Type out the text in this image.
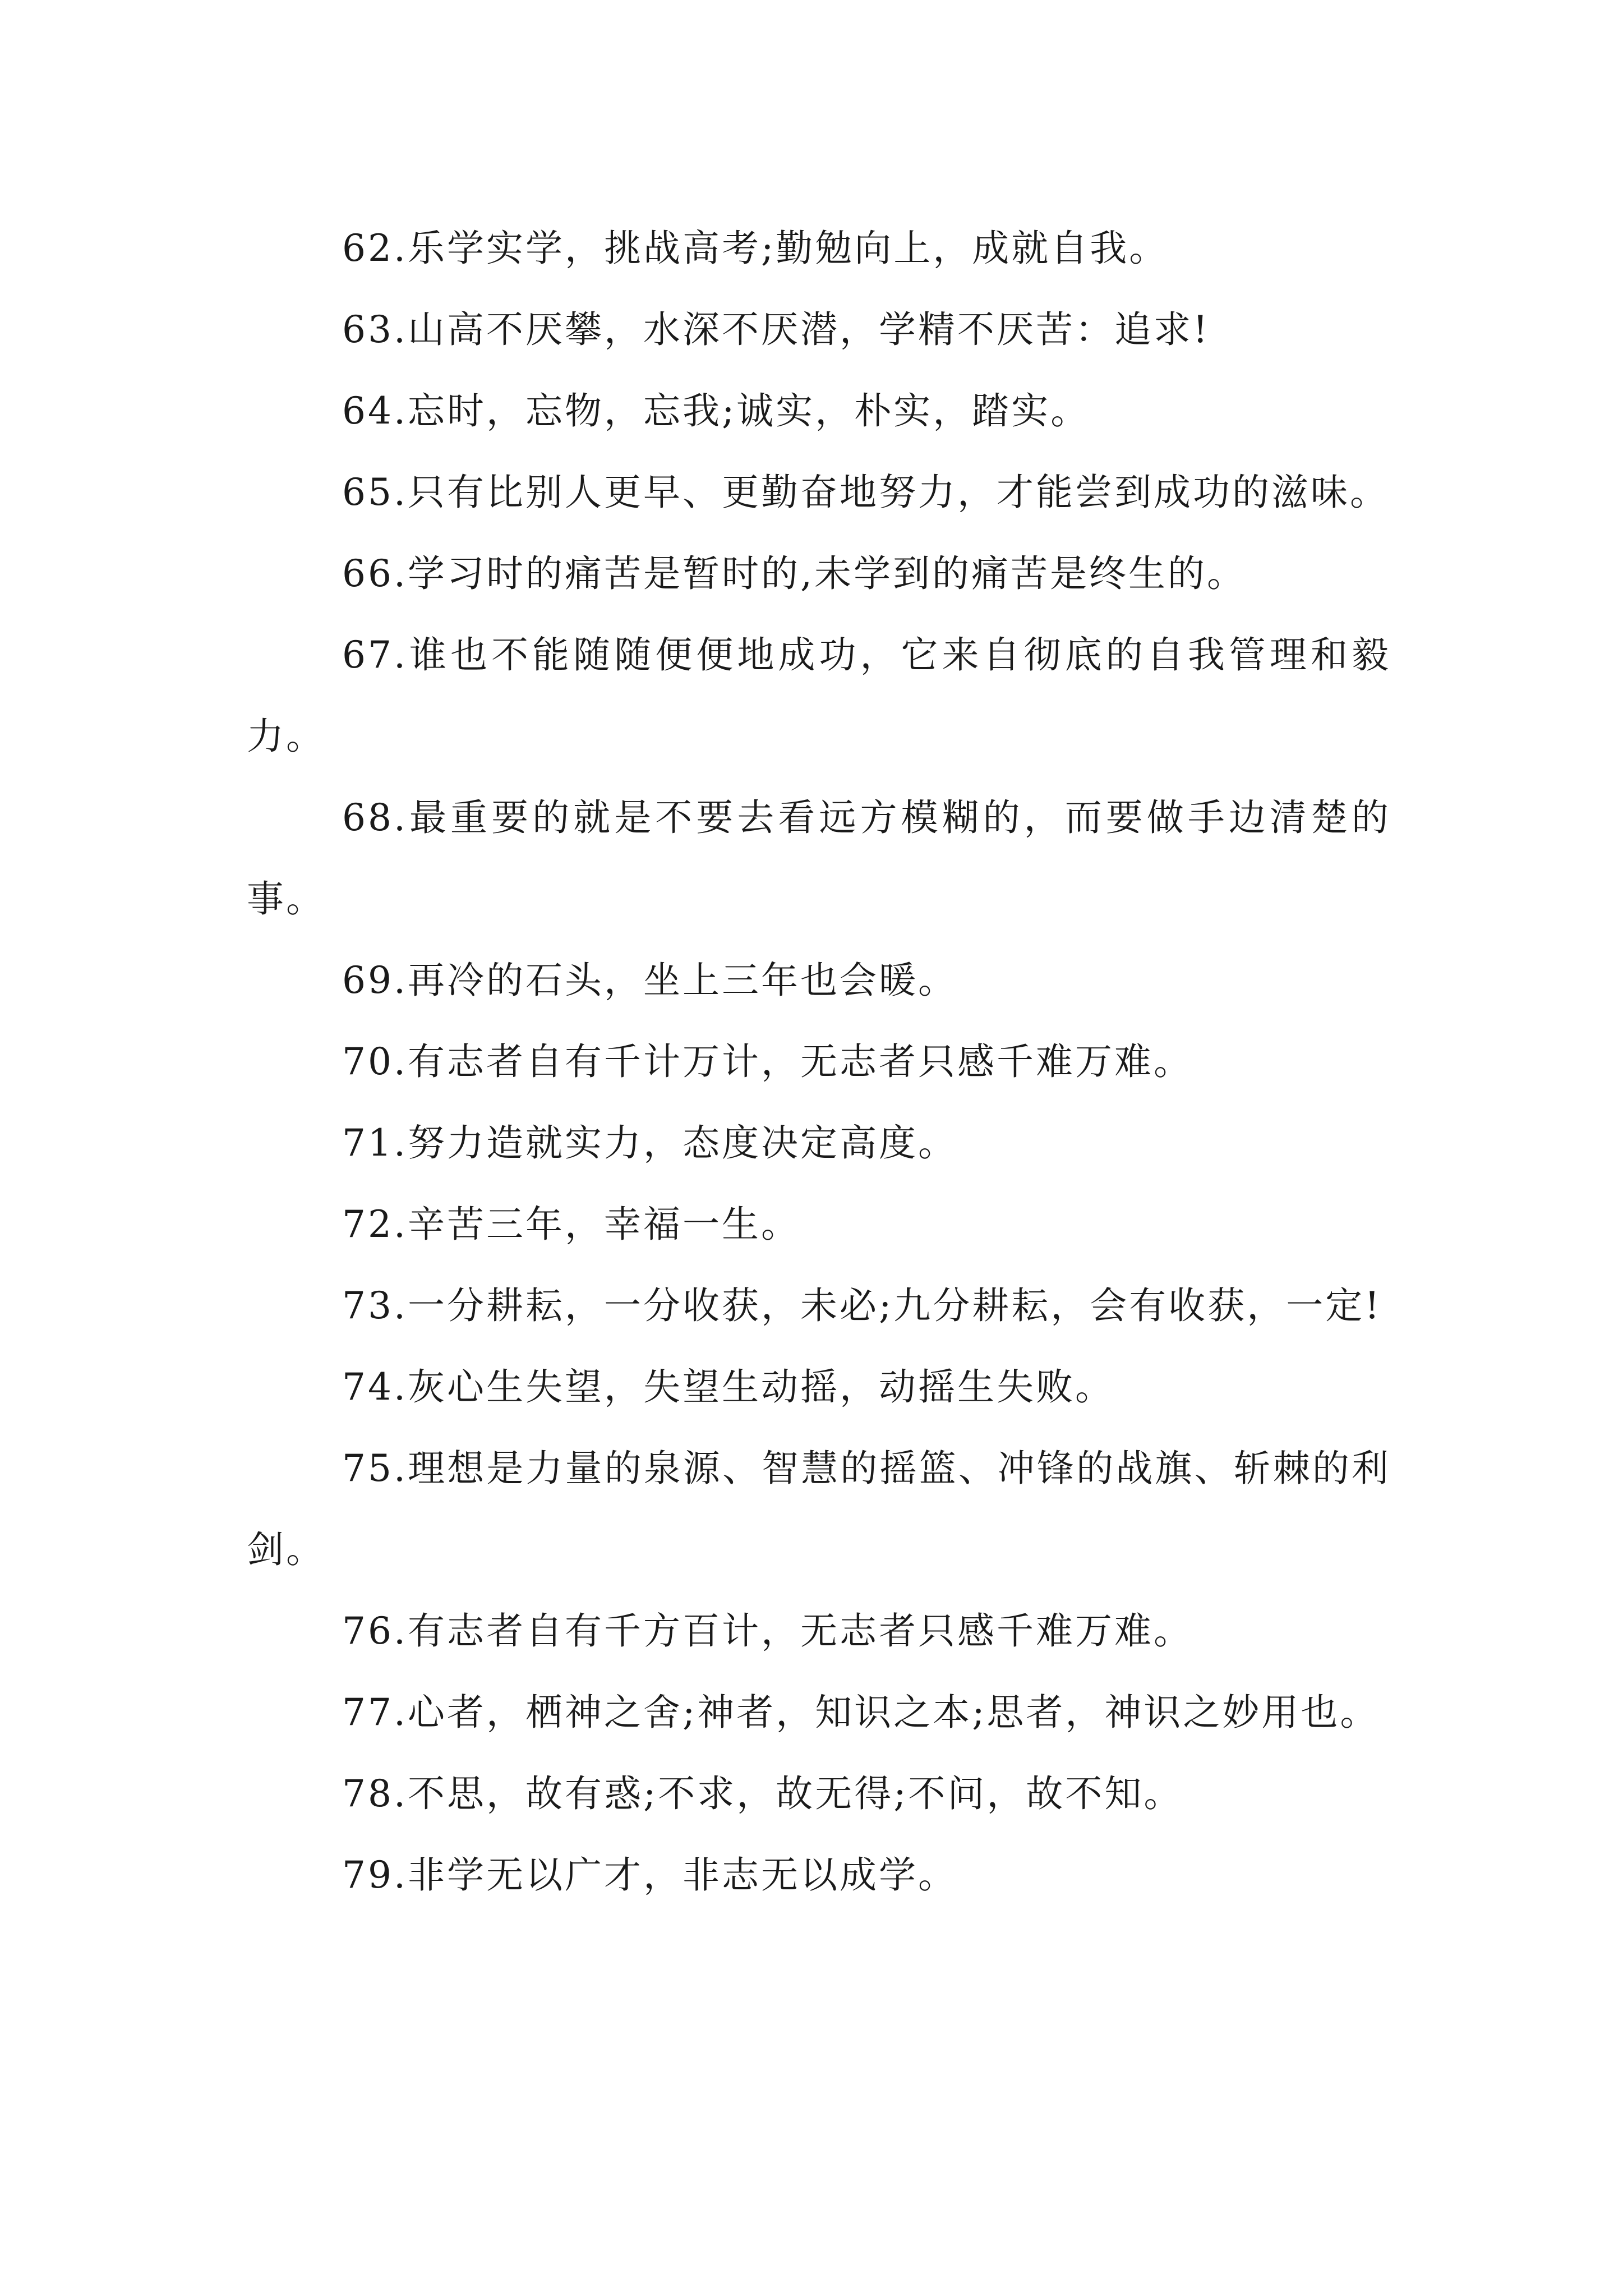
62.乐学实学，挑战高考;勤勉向上，成就自我。

63.山高不厌攀，水深不厌潜，学精不厌苦：追求!

64.忘时，忘物，忘我;诚实，朴实，踏实。

65.只有比别人更早、更勤奋地努力，才能尝到成功的滋味。

66.学习时的痛苦是暂时的,未学到的痛苦是终生的。

67.谁也不能随随便便地成功，它来自彻底的自我管理和毅力。

68.最重要的就是不要去看远方模糊的，而要做手边清楚的事。

69.再冷的石头，坐上三年也会暖。

70.有志者自有千计万计，无志者只感千难万难。

71.努力造就实力，态度决定高度。

72.辛苦三年，幸福一生。

73.一分耕耘，一分收获，未必;九分耕耘，会有收获，一定!

74.灰心生失望，失望生动摇，动摇生失败。

75.理想是力量的泉源、智慧的摇篮、冲锋的战旗、斩棘的利剑。

76.有志者自有千方百计，无志者只感千难万难。

77.心者，栖神之舍;神者，知识之本;思者，神识之妙用也。

78.不思，故有惑;不求，故无得;不问，故不知。

79.非学无以广才，非志无以成学。
